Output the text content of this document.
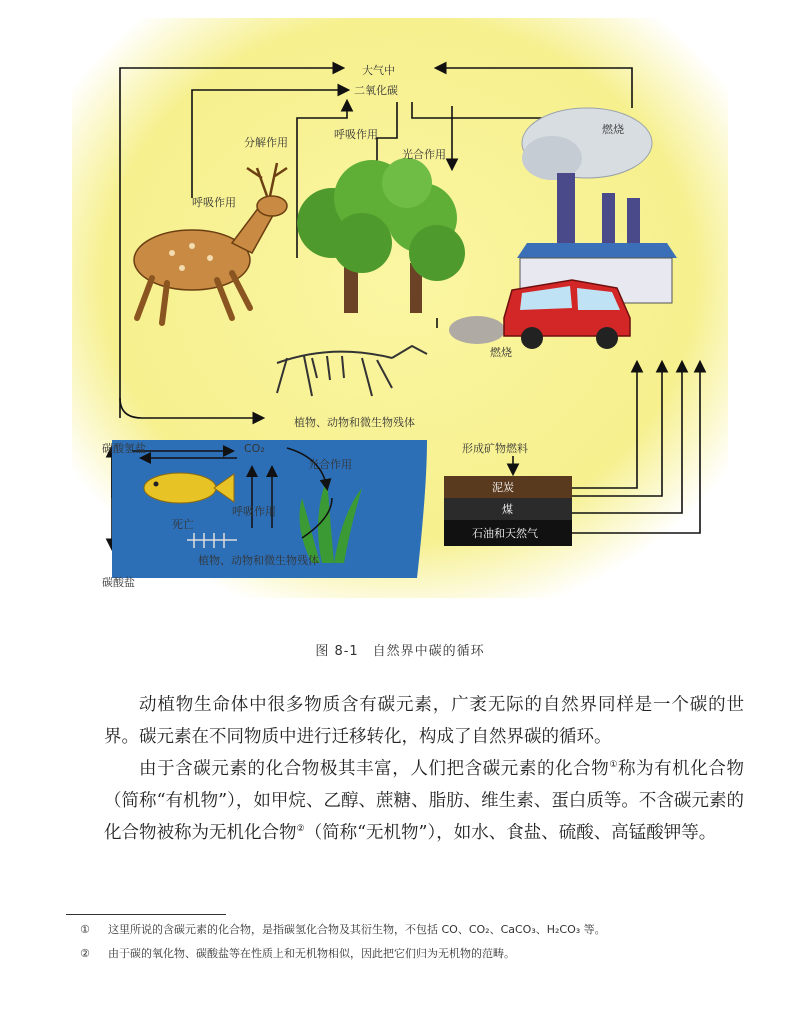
大气中
二氧化碳
呼吸作用
分解作用
呼吸作用
光合作用
燃烧
燃烧
植物、动物和微生物残体
碳酸氢盐	CO₂
光合作用
呼吸作用
死亡
碳酸盐
植物、动物和微生物残体
形成矿物燃料
泥炭
煤
石油和天然气
图 8-1　自然界中碳的循环

动植物生命体中很多物质含有碳元素，广袤无际的自然界同样是一个碳的世界。碳元素在不同物质中进行迁移转化，构成了自然界碳的循环。

由于含碳元素的化合物极其丰富，人们把含碳元素的化合物①称为有机化合物（简称“有机物”），如甲烷、乙醇、蔗糖、脂肪、维生素、蛋白质等。不含碳元素的化合物被称为无机化合物②（简称“无机物”），如水、食盐、硫酸、高锰酸钾等。

① 这里所说的含碳元素的化合物，是指碳氢化合物及其衍生物，不包括 CO、CO₂、CaCO₃、H₂CO₃ 等。
② 由于碳的氧化物、碳酸盐等在性质上和无机物相似，因此把它们归为无机物的范畴。
